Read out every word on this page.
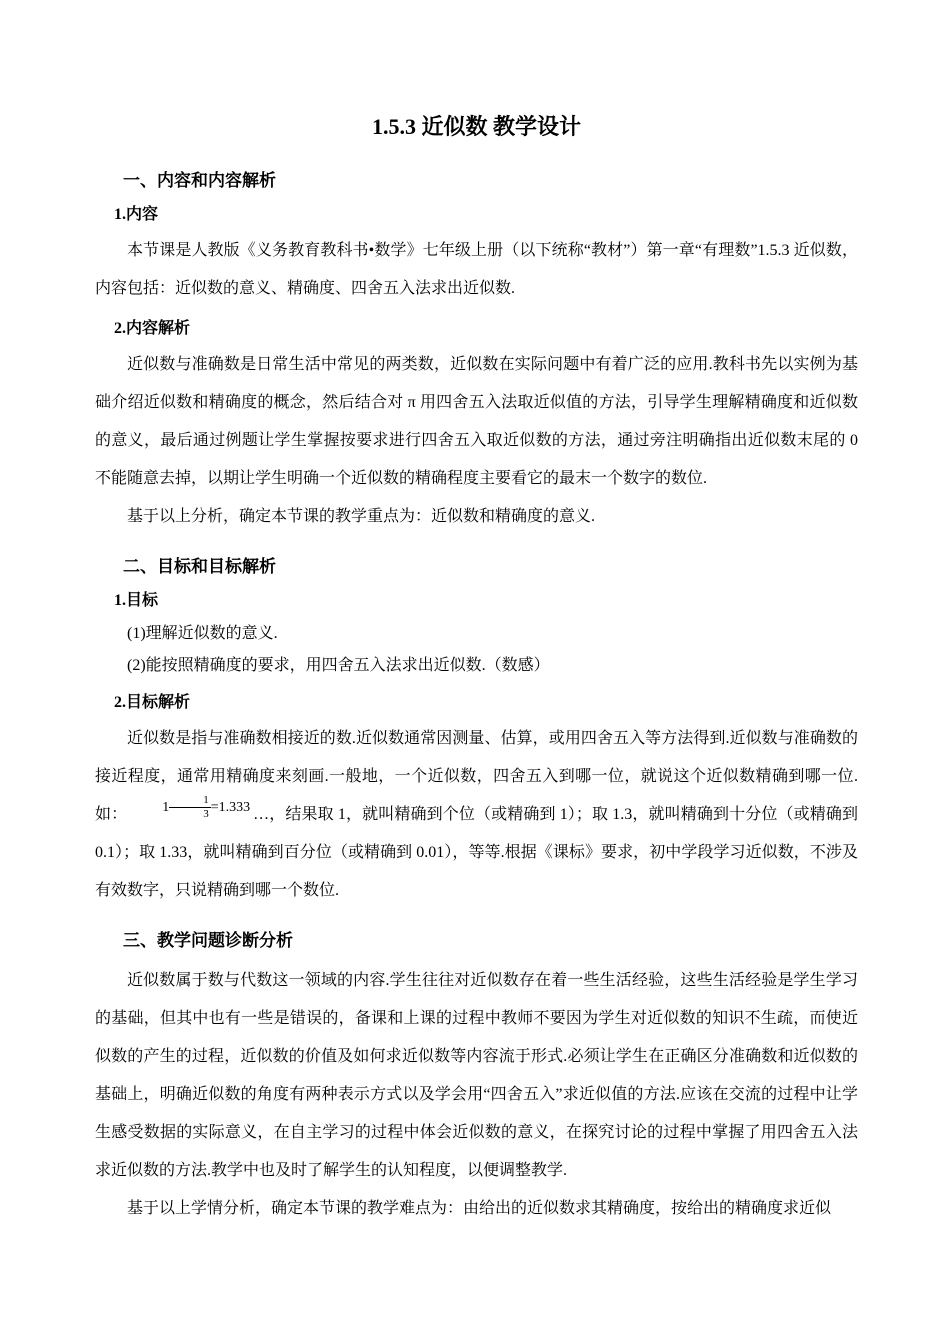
1.5.3 近似数 教学设计
一、内容和内容解析
1.内容

本节课是人教版《义务教育教科书•数学》七年级上册（以下统称“教材”）第一章“有理数”1.5.3 近似数，内容包括：近似数的意义、精确度、四舍五入法求出近似数.

2.内容解析

近似数与准确数是日常生活中常见的两类数，近似数在实际问题中有着广泛的应用.教科书先以实例为基础介绍近似数和精确度的概念，然后结合对 π 用四舍五入法取近似值的方法，引导学生理解精确度和近似数的意义，最后通过例题让学生掌握按要求进行四舍五入取近似数的方法，通过旁注明确指出近似数末尾的 0 不能随意去掉，以期让学生明确一个近似数的精确程度主要看它的最末一个数字的数位.

基于以上分析，确定本节课的教学重点为：近似数和精确度的意义.

二、目标和目标解析
1.目标

(1)理解近似数的意义.

(2)能按照精确度的要求，用四舍五入法求出近似数.（数感）

2.目标解析

近似数是指与准确数相接近的数.近似数通常因测量、估算，或用四舍五入等方法得到.近似数与准确数的接近程度，通常用精确度来刻画.一般地，一个近似数，四舍五入到哪一位，就说这个近似数精确到哪一位.如：	$1 \frac{1}{3} =1.333$ …，结果取 1，就叫精确到个位（或精确到 1）；取 1.3，就叫精确到十分位（或精确到 0.1）；取 1.33，就叫精确到百分位（或精确到 0.01），等等.根据《课标》要求，初中学段学习近似数，不涉及有效数字，只说精确到哪一个数位.

三、教学问题诊断分析

近似数属于数与代数这一领域的内容.学生往往对近似数存在着一些生活经验，这些生活经验是学生学习的基础，但其中也有一些是错误的，备课和上课的过程中教师不要因为学生对近似数的知识不生疏，而使近似数的产生的过程，近似数的价值及如何求近似数等内容流于形式.必须让学生在正确区分准确数和近似数的基础上，明确近似数的角度有两种表示方式以及学会用“四舍五入”求近似值的方法.应该在交流的过程中让学生感受数据的实际意义，在自主学习的过程中体会近似数的意义，在探究讨论的过程中掌握了用四舍五入法求近似数的方法.教学中也及时了解学生的认知程度，以便调整教学.

基于以上学情分析，确定本节课的教学难点为：由给出的近似数求其精确度，按给出的精确度求近似
